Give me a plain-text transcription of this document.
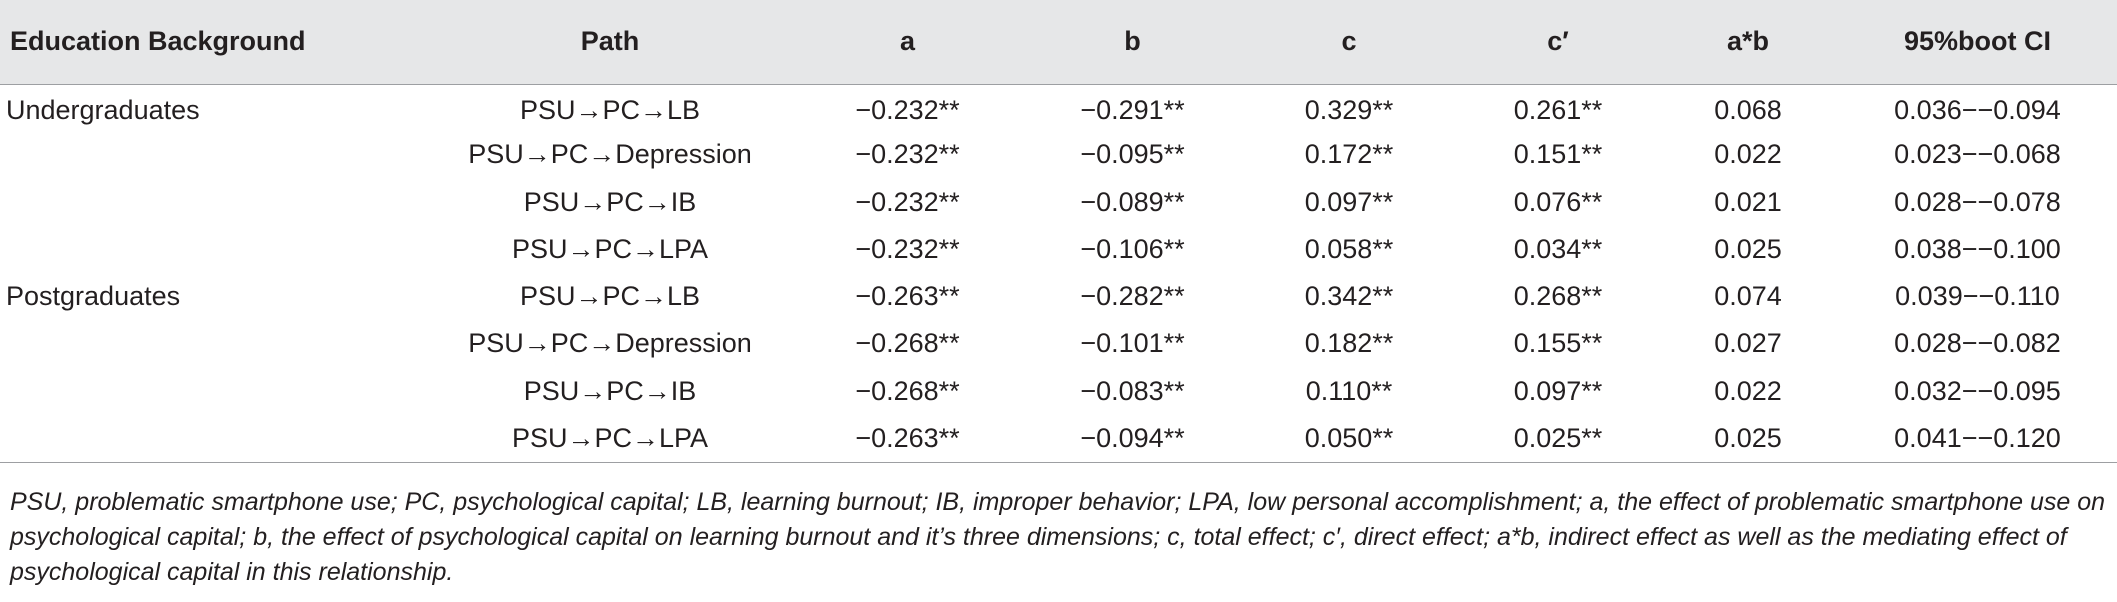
Education Background	Path	a	b	c	c′	a*b	95%boot CI
Undergraduates	PSU→PC→LB	−0.232**	−0.291**	0.329**	0.261**	0.068	0.036−−0.094
	PSU→PC→Depression	−0.232**	−0.095**	0.172**	0.151**	0.022	0.023−−0.068
	PSU→PC→IB	−0.232**	−0.089**	0.097**	0.076**	0.021	0.028−−0.078
	PSU→PC→LPA	−0.232**	−0.106**	0.058**	0.034**	0.025	0.038−−0.100
Postgraduates	PSU→PC→LB	−0.263**	−0.282**	0.342**	0.268**	0.074	0.039−−0.110
	PSU→PC→Depression	−0.268**	−0.101**	0.182**	0.155**	0.027	0.028−−0.082
	PSU→PC→IB	−0.268**	−0.083**	0.110**	0.097**	0.022	0.032−−0.095
	PSU→PC→LPA	−0.263**	−0.094**	0.050**	0.025**	0.025	0.041−−0.120
PSU, problematic smartphone use; PC, psychological capital; LB, learning burnout; IB, improper behavior; LPA, low personal accomplishment; a, the effect of problematic smartphone use on psychological capital; b, the effect of psychological capital on learning burnout and it’s three dimensions; c, total effect; c′, direct effect; a*b, indirect effect as well as the mediating effect of psychological capital in this relationship.
